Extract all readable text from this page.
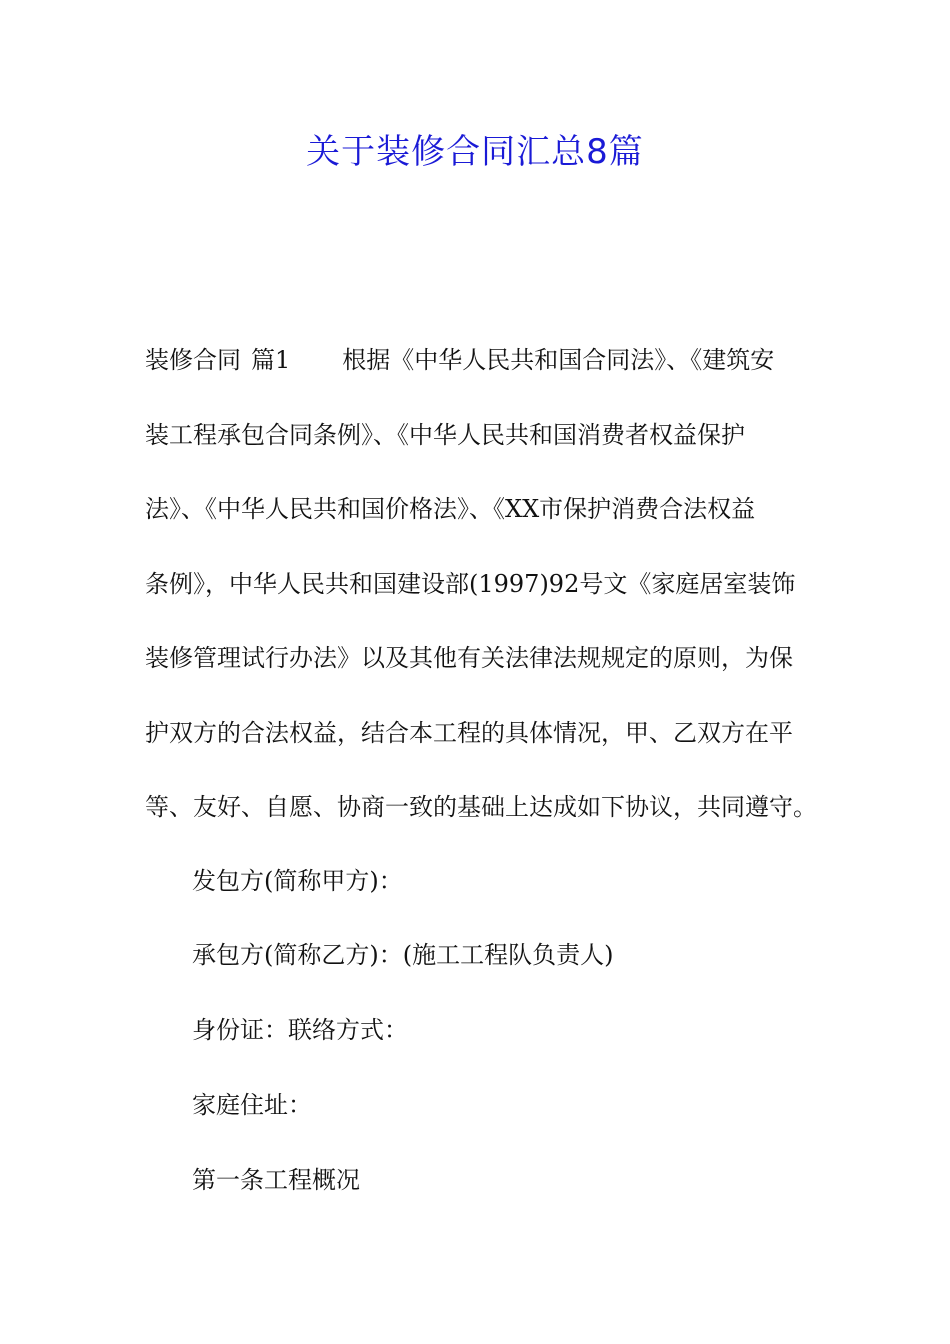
关于装修合同汇总8篇
装修合同 篇1 根据《中华人民共和国合同法》、《建筑安
装工程承包合同条例》、《中华人民共和国消费者权益保护
法》、《中华人民共和国价格法》、《XX市保护消费合法权益
条例》，中华人民共和国建设部(1997)92号文《家庭居室装饰
装修管理试行办法》以及其他有关法律法规规定的原则，为保
护双方的合法权益，结合本工程的具体情况，甲、乙双方在平
等、友好、自愿、协商一致的基础上达成如下协议，共同遵守。

发包方(简称甲方)：

承包方(简称乙方)：(施工工程队负责人)

身份证：联络方式：

家庭住址：

第一条工程概况
